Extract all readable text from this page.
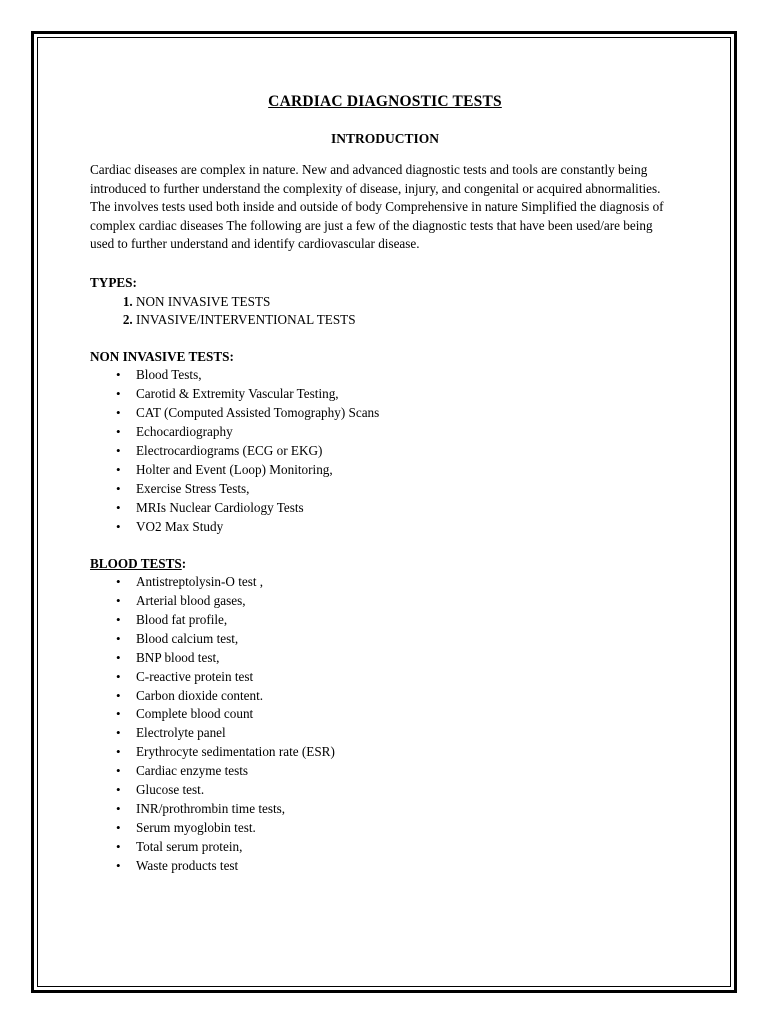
CARDIAC DIAGNOSTIC TESTS
INTRODUCTION

Cardiac diseases are complex in nature. New and advanced diagnostic tests and tools are constantly being introduced to further understand the complexity of disease, injury, and congenital or acquired abnormalities. The involves tests used both inside and outside of body Comprehensive in nature Simplified the diagnosis of complex cardiac diseases The following are just a few of the diagnostic tests that have been used/are being used to further understand and identify cardiovascular disease.

TYPES:
1. NON INVASIVE TESTS
2. INVASIVE/INTERVENTIONAL TESTS
NON INVASIVE TESTS:
• Blood Tests,
• Carotid & Extremity Vascular Testing,
• CAT (Computed Assisted Tomography) Scans
• Echocardiography
• Electrocardiograms (ECG or EKG)
• Holter and Event (Loop) Monitoring,
• Exercise Stress Tests,
• MRIs Nuclear Cardiology Tests
• VO2 Max Study
BLOOD TESTS:
• Antistreptolysin-O test ,
• Arterial blood gases,
• Blood fat profile,
• Blood calcium test,
• BNP blood test,
• C-reactive protein test
• Carbon dioxide content.
• Complete blood count
• Electrolyte panel
• Erythrocyte sedimentation rate (ESR)
• Cardiac enzyme tests
• Glucose test.
• INR/prothrombin time tests,
• Serum myoglobin test.
• Total serum protein,
• Waste products test
